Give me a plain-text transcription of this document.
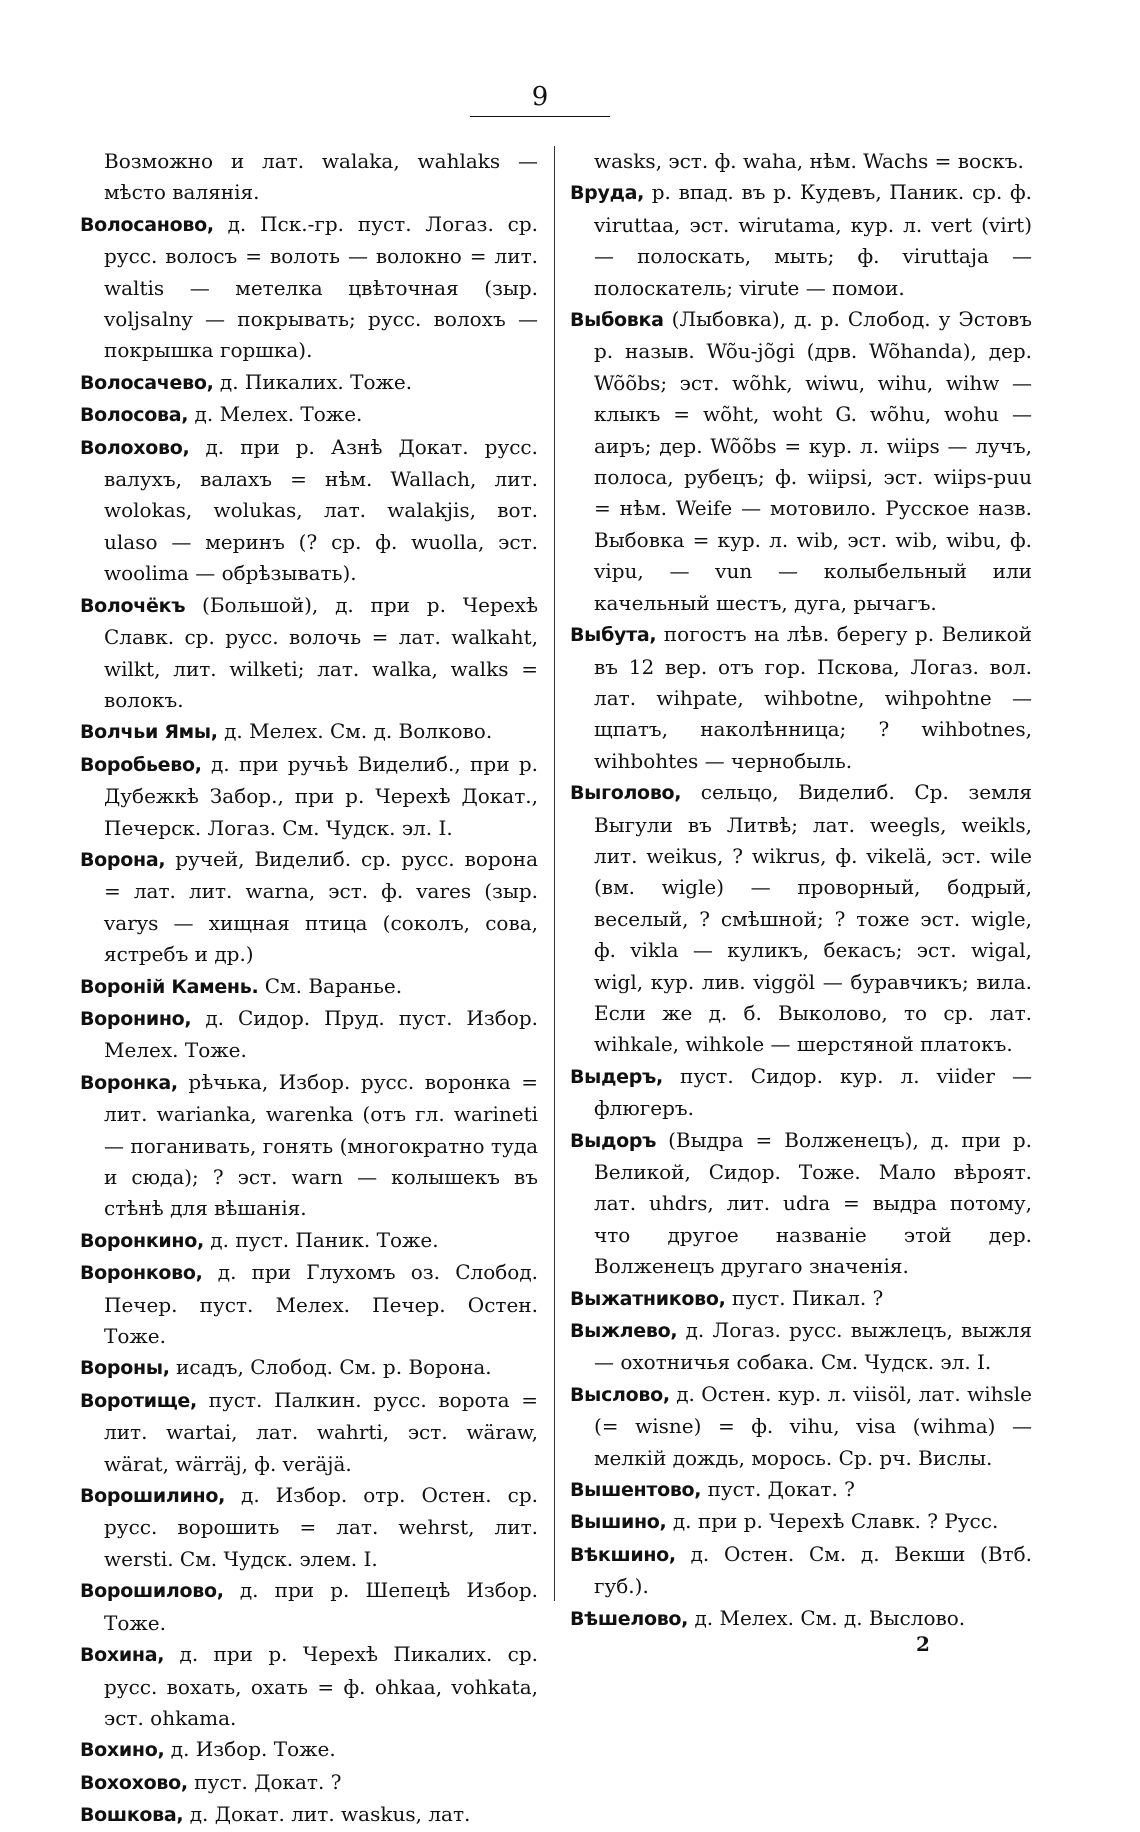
9

Возможно и лат. walaka, wahlaks — мѣсто валянія.

Волосаново, д. Пск.-гр. пуст. Логаз. ср. русс. волосъ = волоть — волокно = лит. waltis — метелка цвѣточная (зыр. voljsalny — покрывать; русс. волохъ — покрышка горшка).

Волосачево, д. Пикалих. Тоже.

Волосова, д. Мелех. Тоже.

Волохово, д. при р. Азнѣ Докат. русс. валухъ, валахъ = нѣм. Wallach, лит. wolokas, wolukas, лат. walakjis, вот. ulaso — меринъ (? ср. ф. wuolla, эст. woolima — обрѣзывать).

Волочёкъ (Большой), д. при р. Черехѣ Славк. ср. русс. волочь = лат. walkaht, wilkt, лит. wilketi; лат. walka, walks = волокъ.

Волчьи Ямы, д. Мелех. См. д. Волково.

Воробьево, д. при ручьѣ Виделиб., при р. Дубежкѣ Забор., при р. Черехѣ Докат., Печерск. Логаз. См. Чудск. эл. I.

Ворона, ручей, Виделиб. ср. русс. ворона = лат. лит. warna, эст. ф. vares (зыр. varys — хищная птица (соколъ, сова, ястребъ и др.)

Вороній Камень. См. Варанье.

Воронино, д. Сидор. Пруд. пуст. Избор. Мелех. Тоже.

Воронка, рѣчька, Избор. русс. воронка = лит. warianka, warenka (отъ гл. warineti — поганивать, гонять (многократно туда и сюда); ? эст. warn — колышекъ въ стѣнѣ для вѣшанія.

Воронкино, д. пуст. Паник. Тоже.

Воронково, д. при Глухомъ оз. Слобод. Печер. пуст. Мелех. Печер. Остен. Тоже.

Вороны, исадъ, Слобод. См. р. Ворона.

Воротище, пуст. Палкин. русс. ворота = лит. wartai, лат. wahrti, эст. wäraw, wärat, wärräj, ф. veräjä.

Ворошилино, д. Избор. отр. Остен. ср. русс. ворошить = лат. wehrst, лит. wersti. См. Чудск. элем. I.

Ворошилово, д. при р. Шепецѣ Избор. Тоже.

Вохина, д. при р. Черехѣ Пикалих. ср. русс. вохать, охать = ф. ohkaa, vohkata, эст. ohkama.

Вохино, д. Избор. Тоже.

Вохохово, пуст. Докат. ?

Вошкова, д. Докат. лит. waskus, лат.

wasks, эст. ф. waha, нѣм. Wachs = воскъ.

Вруда, р. впад. въ р. Кудевъ, Паник. ср. ф. viruttaa, эст. wirutama, кур. л. vert (virt) — полоскать, мыть; ф. viruttaja — полоскатель; virute — помои.

Выбовка (Лыбовка), д. р. Слобод. у Эстовъ р. назыв. Wõu-jõgi (дрв. Wõhanda), дер. Wõõbs; эст. wõhk, wiwu, wihu, wihw — клыкъ = wõht, woht G. wõhu, wohu — аиръ; дер. Wõõbs = кур. л. wiips — лучъ, полоса, рубецъ; ф. wiipsi, эст. wiips-puu = нѣм. Weife — мотовило. Русское назв. Выбовка = кур. л. wib, эст. wib, wibu, ф. vipu, — vun — колыбельный или качельный шестъ, дуга, рычагъ.

Выбута, погостъ на лѣв. берегу р. Великой въ 12 вер. отъ гор. Пскова, Логаз. вол. лат. wihpate, wihbotne, wihpohtne — щпатъ, наколѣнница; ? wihbotnes, wihbohtes — чернобыль.

Выголово, сельцо, Виделиб. Ср. земля Выгули въ Литвѣ; лат. weegls, weikls, лит. weikus, ? wikrus, ф. vikelä, эст. wile (вм. wigle) — проворный, бодрый, веселый, ? смѣшной; ? тоже эст. wigle, ф. vikla — куликъ, бекасъ; эст. wigal, wigl, кур. лив. viggöl — буравчикъ; вила. Если же д. б. Выколово, то ср. лат. wihkale, wihkole — шерстяной платокъ.

Выдеръ, пуст. Сидор. кур. л. viider — флюгеръ.

Выдоръ (Выдра = Волженецъ), д. при р. Великой, Сидор. Тоже. Мало вѣроят. лат. uhdrs, лит. udra = выдра потому, что другое названіе этой дер. Волженецъ другаго значенія.

Выжатниково, пуст. Пикал. ?

Выжлево, д. Логаз. русс. выжлецъ, выжля — охотничья собака. См. Чудск. эл. I.

Выслово, д. Остен. кур. л. viisöl, лат. wihsle (= wisne) = ф. vihu, visa (wihma) — мелкій дождь, морось. Ср. рч. Вислы.

Вышентово, пуст. Докат. ?

Вышино, д. при р. Черехѣ Славк. ? Русс.

Вѣкшино, д. Остен. См. д. Векши (Втб. губ.).

Вѣшелово, д. Мелех. См. д. Выслово.

2
